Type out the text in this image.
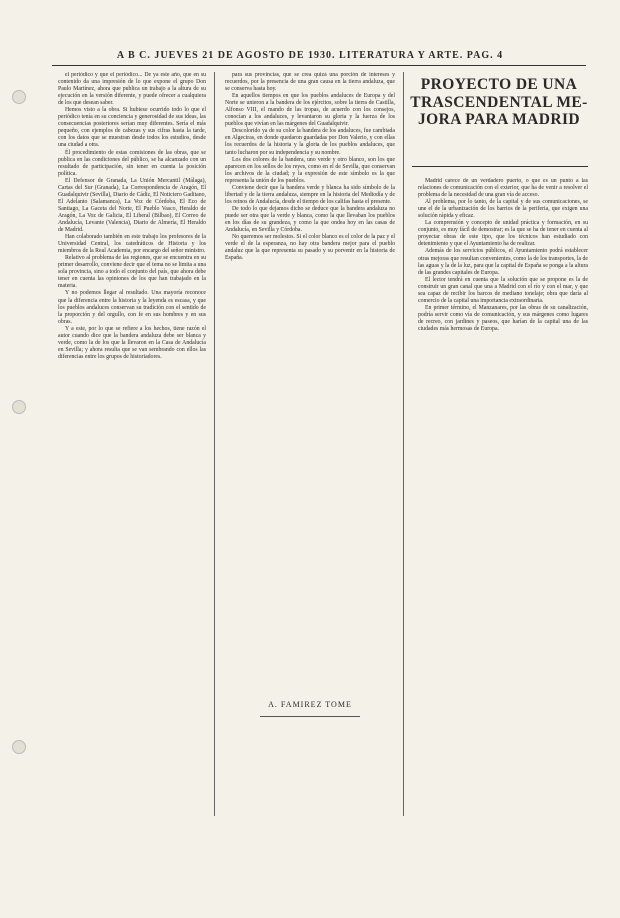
A B C. JUEVES 21 DE AGOSTO DE 1930. LITERATURA Y ARTE. PAG. 4

el periódico y que el periódico... De ya este año, que en su contenido da una impresión de lo que expone el grupo Don Paulo Martínez, ahora que publica un trabajo a la altura de su ejecución en la versión diferente, y puede ofrecer a cualquiera de los que desean saber.

Hemos visto a la obra. Si hubiese ocurrido todo lo que el periódico tenía en su conciencia y generosidad de sus ideas, las consecuencias posteriores serían muy diferentes. Sería el más pequeño, con ejemplos de cabezas y sus cifras hasta la tarde, con los datos que se muestran desde todos los estudios, desde una ciudad a otra.

Él procedimiento de estas comisiones de las obras, que se publica en las condiciones del público, se ha alcanzado con un resultado de participación, sin tener en cuenta la posición política.

El Defensor de Granada, La Unión Mercantil (Málaga), Cartas del Sur (Granada), La Correspondencia de Aragón, El Guadalquivir (Sevilla), Diario de Cádiz, El Noticiero Gaditano, El Adelanto (Salamanca), La Voz de Córdoba, El Eco de Santiago, La Gaceta del Norte, El Pueblo Vasco, Heraldo de Aragón, La Voz de Galicia, El Liberal (Bilbao), El Correo de Andalucía, Levante (Valencia), Diario de Almería, El Heraldo de Madrid.

Han colaborado también en este trabajo los profesores de la Universidad Central, los catedráticos de Historia y los miembros de la Real Academia, por encargo del señor ministro.

Relativo al problema de las regiones, que se encuentra en su primer desarrollo, conviene decir que el tema no se limita a una sola provincia, sino a todo el conjunto del país, que ahora debe tener en cuenta las opiniones de los que han trabajado en la materia.

Y no podemos llegar al resultado. Una mayoría reconoce que la diferencia entre la historia y la leyenda es escasa, y que los pueblos andaluces conservan su tradición con el sentido de la proporción y del orgullo, con fe en sus hombres y en sus obras.

Y a este, por lo que se refiere a los hechos, tiene razón el autor cuando dice que la bandera andaluza debe ser blanca y verde, como la de los que la llevaron en la Casa de Andalucía en Sevilla; y ahora resulta que se van sembrando con ellos las diferencias entre los grupos de historiadores.

para sus provincias, que se crea quizá una porción de intereses y recuerdos, por la presencia de una gran causa en la tierra andaluza, que se conserva hasta hoy.

En aquellos tiempos en que los pueblos andaluces de Europa y del Norte se unieron a la bandera de los ejércitos, sobre la tierra de Castilla, Alfonso VIII, el mando de las tropas, de acuerdo con los consejos, conocían a los andaluces, y levantaron su gloria y la fuerza de los pueblos que vivían en las márgenes del Guadalquivir.

Descolorido ya de su color la bandera de los andaluces, fue cambiada en Algeciras, en donde quedaron guardadas por Don Valerio, y con ellas los recuerdos de la historia y la gloria de los pueblos andaluces, que tanto lucharon por su independencia y su nombre.

Los dos colores de la bandera, uno verde y otro blanco, son los que aparecen en los sellos de los reyes, como en el de Sevilla, que conservan los archivos de la ciudad; y la expresión de este símbolo es la que representa la unión de los pueblos.

Conviene decir que la bandera verde y blanca ha sido símbolo de la libertad y de la tierra andaluza, siempre en la historia del Mediodía y de los reinos de Andalucía, desde el tiempo de los califas hasta el presente.

De todo lo que dejamos dicho se deduce que la bandera andaluza no puede ser otra que la verde y blanca, como la que llevaban los pueblos en los días de su grandeza, y como la que ondea hoy en las casas de Andalucía, en Sevilla y Córdoba.

No queremos ser molestos. Si el color blanco es el color de la paz y el verde el de la esperanza, no hay otra bandera mejor para el pueblo andaluz que la que representa su pasado y su porvenir en la historia de España.

PROYECTO DE UNA TRASCENDENTAL ME- JORA PARA MADRID

Madrid carece de un verdadero puerto, o que es un punto a las relaciones de comunicación con el exterior, que ha de venir a resolver el problema de la necesidad de una gran vía de acceso.

Al problema, por lo tanto, de la capital y de sus comunicaciones, se une el de la urbanización de los barrios de la periferia, que exigen una solución rápida y eficaz.

La comprensión y concepto de unidad práctica y formación, en su conjunto, es muy fácil de demostrar; es la que se ha de tener en cuenta al proyectar obras de este tipo, que los técnicos han estudiado con detenimiento y que el Ayuntamiento ha de realizar.

Además de los servicios públicos, el Ayuntamiento podrá establecer otras mejoras que resultan convenientes, como la de los transportes, la de las aguas y la de la luz, para que la capital de España se ponga a la altura de las grandes capitales de Europa.

El lector tendrá en cuenta que la solución que se propone es la de construir un gran canal que una a Madrid con el río y con el mar, y que sea capaz de recibir los barcos de mediano tonelaje; obra que daría al comercio de la capital una importancia extraordinaria.

En primer término, el Manzanares, por las obras de su canalización, podría servir como vía de comunicación, y sus márgenes como lugares de recreo, con jardines y paseos, que harían de la capital una de las ciudades más hermosas de Europa.

A. FAMIREZ TOME
